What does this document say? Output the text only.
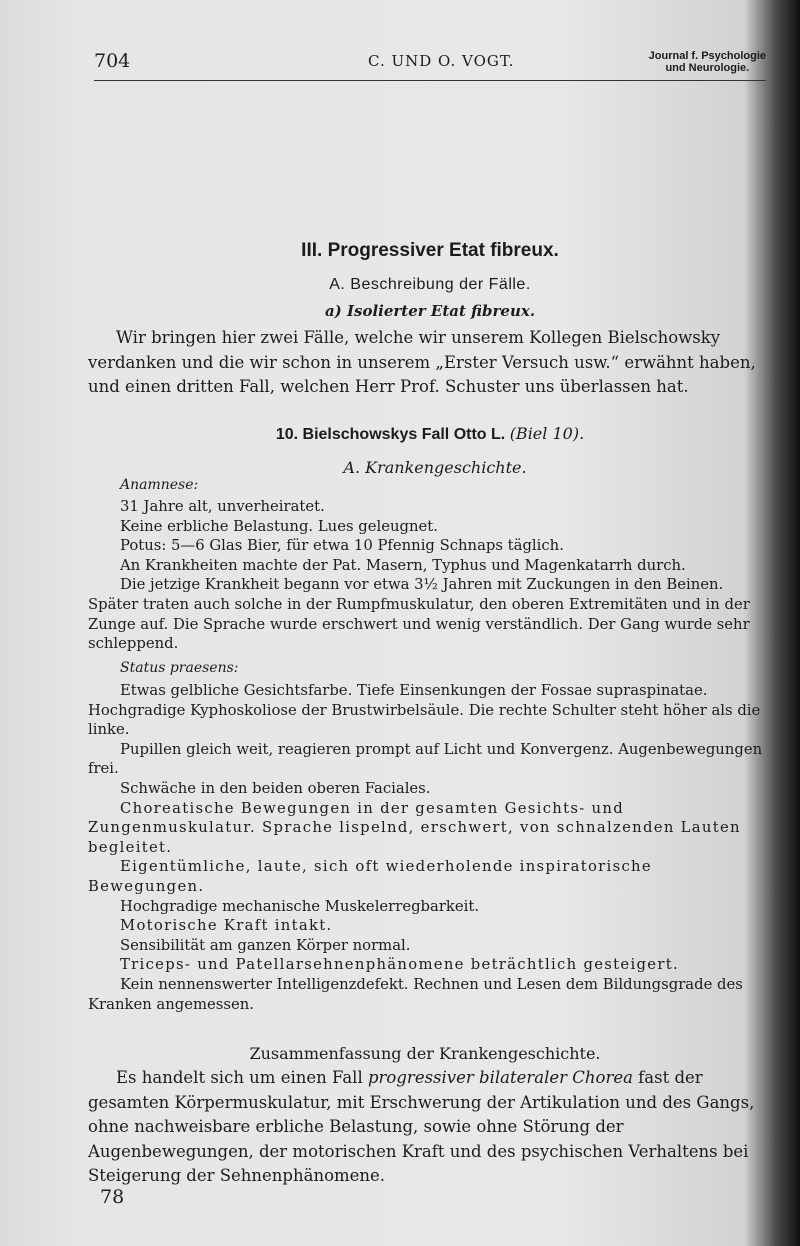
704	C. UND O. VOGT.	Journal f. Psychologie
und Neurologie.
III. Progressiver Etat fibreux.
A. Beschreibung der Fälle.
a) Isolierter Etat fibreux.
Wir bringen hier zwei Fälle, welche wir unserem Kollegen Bielschowsky
verdanken und die wir schon in unserem „Erster Versuch usw.“ erwähnt haben,
und einen dritten Fall, welchen Herr Prof. Schuster uns überlassen hat.
10. Bielschowskys Fall Otto L. (Biel 10).
A. Krankengeschichte.
Anamnese:

31 Jahre alt, unverheiratet.

Keine erbliche Belastung. Lues geleugnet.

Potus: 5—6 Glas Bier, für etwa 10 Pfennig Schnaps täglich.

An Krankheiten machte der Pat. Masern, Typhus und Magenkatarrh durch.

Die jetzige Krankheit begann vor etwa 3½ Jahren mit Zuckungen in den Beinen. Später traten auch solche in der Rumpfmuskulatur, den oberen Extremitäten und in der Zunge auf. Die Sprache wurde erschwert und wenig verständlich. Der Gang wurde sehr schleppend.

Status praesens:

Etwas gelbliche Gesichtsfarbe. Tiefe Einsenkungen der Fossae supraspinatae. Hochgradige Kyphoskoliose der Brustwirbelsäule. Die rechte Schulter steht höher als die linke.

Pupillen gleich weit, reagieren prompt auf Licht und Konvergenz. Augenbewegungen frei.

Schwäche in den beiden oberen Faciales.

Choreatische Bewegungen in der gesamten Gesichts- und Zungenmuskulatur. Sprache lispelnd, erschwert, von schnalzenden Lauten begleitet.

Eigentümliche, laute, sich oft wiederholende inspiratorische Bewegungen.

Hochgradige mechanische Muskelerregbarkeit.

Motorische Kraft intakt.

Sensibilität am ganzen Körper normal.

Triceps- und Patellarsehnenphänomene beträchtlich gesteigert.

Kein nennenswerter Intelligenzdefekt. Rechnen und Lesen dem Bildungsgrade des Kranken angemessen.

Zusammenfassung der Krankengeschichte.
Es handelt sich um einen Fall progressiver bilateraler Chorea fast der gesamten Körpermuskulatur, mit Erschwerung der Artikulation und des Gangs, ohne nachweisbare erbliche Belastung, sowie ohne Störung der Augenbewegungen, der motorischen Kraft und des psychischen Verhaltens bei Steigerung der Sehnenphänomene.
78
